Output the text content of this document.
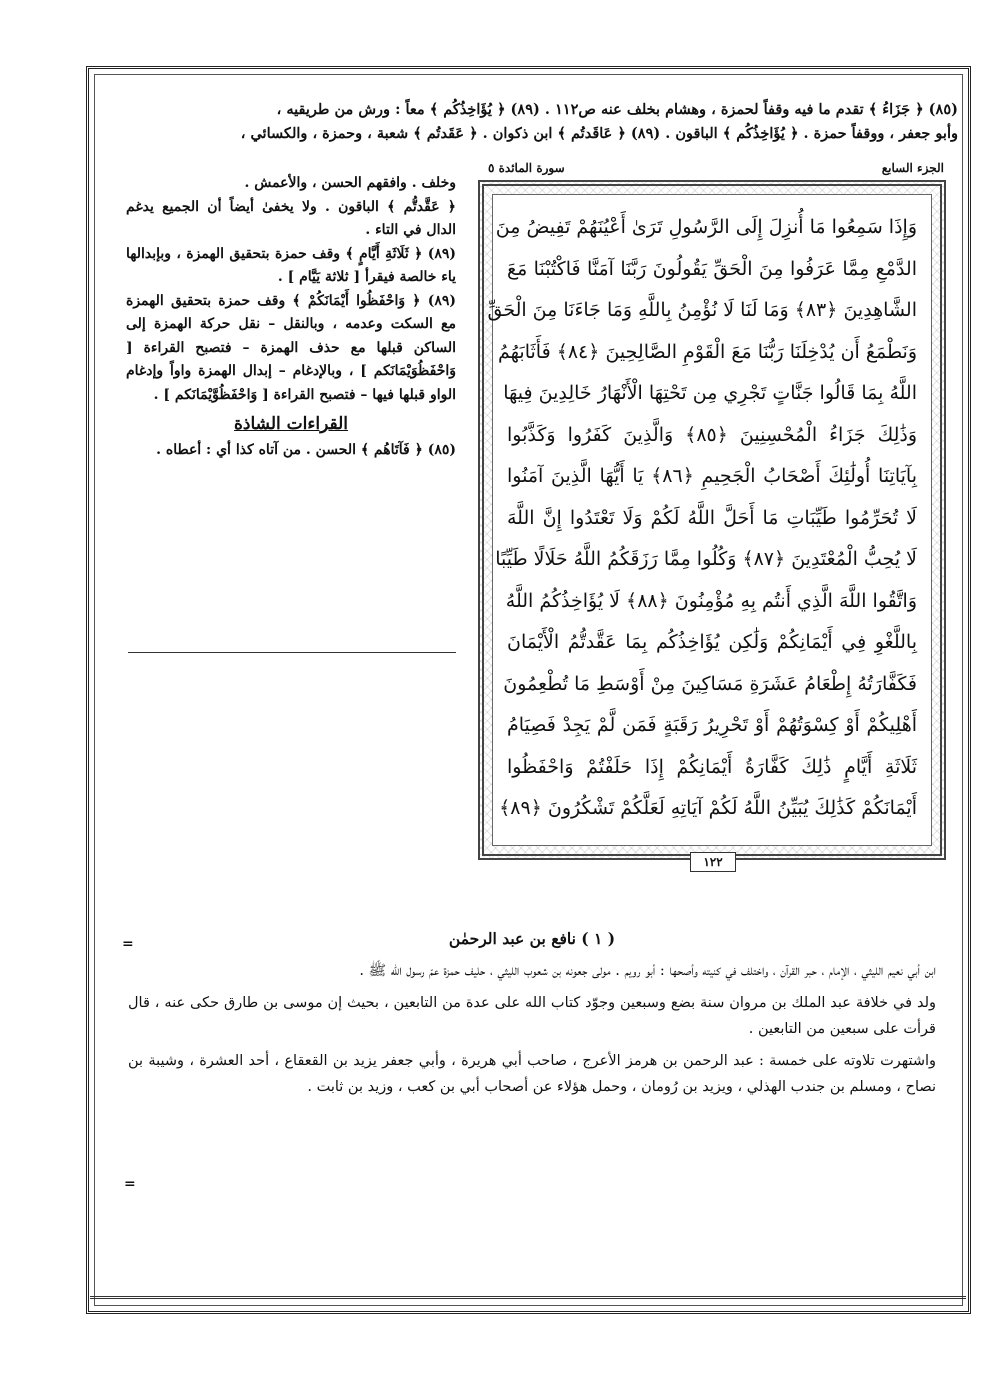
(٨٥) ﴿ جَزَاءُ ﴾ تقدم ما فيه وقفاً لحمزة ، وهشام بخلف عنه ص١١٢ . (٨٩) ﴿ يُؤَاخِذُكُم ﴾ معاً : ورش من طريقيه ،

وأبو جعفر ، ووقفاً حمزة . ﴿ يُؤَاخِذُكُم ﴾ الباقون . (٨٩) ﴿ عَاقَدتُم ﴾ ابن ذكوان . ﴿ عَقَدتُم ﴾ شعبة ، وحمزة ، والكسائي ،

الجزء السابع
سورة المائدة ٥
وَإِذَا سَمِعُوا مَا أُنزِلَ إِلَى الرَّسُولِ تَرَىٰ أَعْيُنَهُمْ تَفِيضُ مِنَ
الدَّمْعِ مِمَّا عَرَفُوا مِنَ الْحَقِّ يَقُولُونَ رَبَّنَا آمَنَّا فَاكْتُبْنَا مَعَ
الشَّاهِدِينَ ﴿٨٣﴾ وَمَا لَنَا لَا نُؤْمِنُ بِاللَّهِ وَمَا جَاءَنَا مِنَ الْحَقِّ
وَنَطْمَعُ أَن يُدْخِلَنَا رَبُّنَا مَعَ الْقَوْمِ الصَّالِحِينَ ﴿٨٤﴾ فَأَثَابَهُمُ
اللَّهُ بِمَا قَالُوا جَنَّاتٍ تَجْرِي مِن تَحْتِهَا الْأَنْهَارُ خَالِدِينَ فِيهَا
وَذَٰلِكَ جَزَاءُ الْمُحْسِنِينَ ﴿٨٥﴾ وَالَّذِينَ كَفَرُوا وَكَذَّبُوا
بِآيَاتِنَا أُولَٰئِكَ أَصْحَابُ الْجَحِيمِ ﴿٨٦﴾ يَا أَيُّهَا الَّذِينَ آمَنُوا
لَا تُحَرِّمُوا طَيِّبَاتِ مَا أَحَلَّ اللَّهُ لَكُمْ وَلَا تَعْتَدُوا إِنَّ اللَّهَ
لَا يُحِبُّ الْمُعْتَدِينَ ﴿٨٧﴾ وَكُلُوا مِمَّا رَزَقَكُمُ اللَّهُ حَلَالًا طَيِّبًا
وَاتَّقُوا اللَّهَ الَّذِي أَنتُم بِهِ مُؤْمِنُونَ ﴿٨٨﴾ لَا يُؤَاخِذُكُمُ اللَّهُ
بِاللَّغْوِ فِي أَيْمَانِكُمْ وَلَٰكِن يُؤَاخِذُكُم بِمَا عَقَّدتُّمُ الْأَيْمَانَ
فَكَفَّارَتُهُ إِطْعَامُ عَشَرَةِ مَسَاكِينَ مِنْ أَوْسَطِ مَا تُطْعِمُونَ
أَهْلِيكُمْ أَوْ كِسْوَتُهُمْ أَوْ تَحْرِيرُ رَقَبَةٍ فَمَن لَّمْ يَجِدْ فَصِيَامُ
ثَلَاثَةِ أَيَّامٍ ذَٰلِكَ كَفَّارَةُ أَيْمَانِكُمْ إِذَا حَلَفْتُمْ وَاحْفَظُوا
أَيْمَانَكُمْ كَذَٰلِكَ يُبَيِّنُ اللَّهُ لَكُمْ آيَاتِهِ لَعَلَّكُمْ تَشْكُرُونَ ﴿٨٩﴾
١٢٢

وخلف . وافقهم الحسن ، والأعمش .

﴿ عَقَّدتُّم ﴾ الباقون . ولا يخفىٰ أيضاً أن الجميع يدغم الدال في التاء .

(٨٩) ﴿ ثَلَاثَةِ أَيَّامٍ ﴾ وقف حمزة بتحقيق الهمزة ، وبإبدالها ياء خالصة فيقرأ [ ثلاثة يَيَّام ] .

(٨٩) ﴿ وَاحْفَظُوا أَيْمَانَكُمْ ﴾ وقف حمزة بتحقيق الهمزة مع السكت وعدمه ، وبالنقل – نقل حركة الهمزة إلى الساكن قبلها مع حذف الهمزة – فتصبح القراءة [ وَاحْفَظُوَيْمَانَكم ] ، وبالإدغام – إبدال الهمزة واواً وإدغام الواو قبلها فيها – فتصبح القراءة [ وَاحْفَظُوَّيْمَانَكم ] .

القراءات الشاذة

(٨٥) ﴿ فَآتَاهُم ﴾ الحسن . من آتاه كذا أي : أعطاه .

=	( ١ ) نافع بن عبد الرحمٰن

ابن أبي نعيم الليثي ، الإمام ، حبر القرآن ، واختلف في كنيته وأصحها : أبو رويم . مولى جعونه بن شعوب الليثي ، حليف حمزة عمّ رسول الله ﷺ .

ولد في خلافة عبد الملك بن مروان سنة بضع وسبعين وجوّد كتاب الله على عدة من التابعين ، بحيث إن موسى بن طارق حكى عنه ، قال قرأت على سبعين من التابعين .

واشتهرت تلاوته على خمسة : عبد الرحمن بن هرمز الأعرج ، صاحب أبي هريرة ، وأبي جعفر يزيد بن القعقاع ، أحد العشرة ، وشيبة بن نصاح ، ومسلم بن جندب الهذلي ، ويزيد بن رُومان ، وحمل هؤلاء عن أصحاب أبي بن كعب ، وزيد بن ثابت .

=
